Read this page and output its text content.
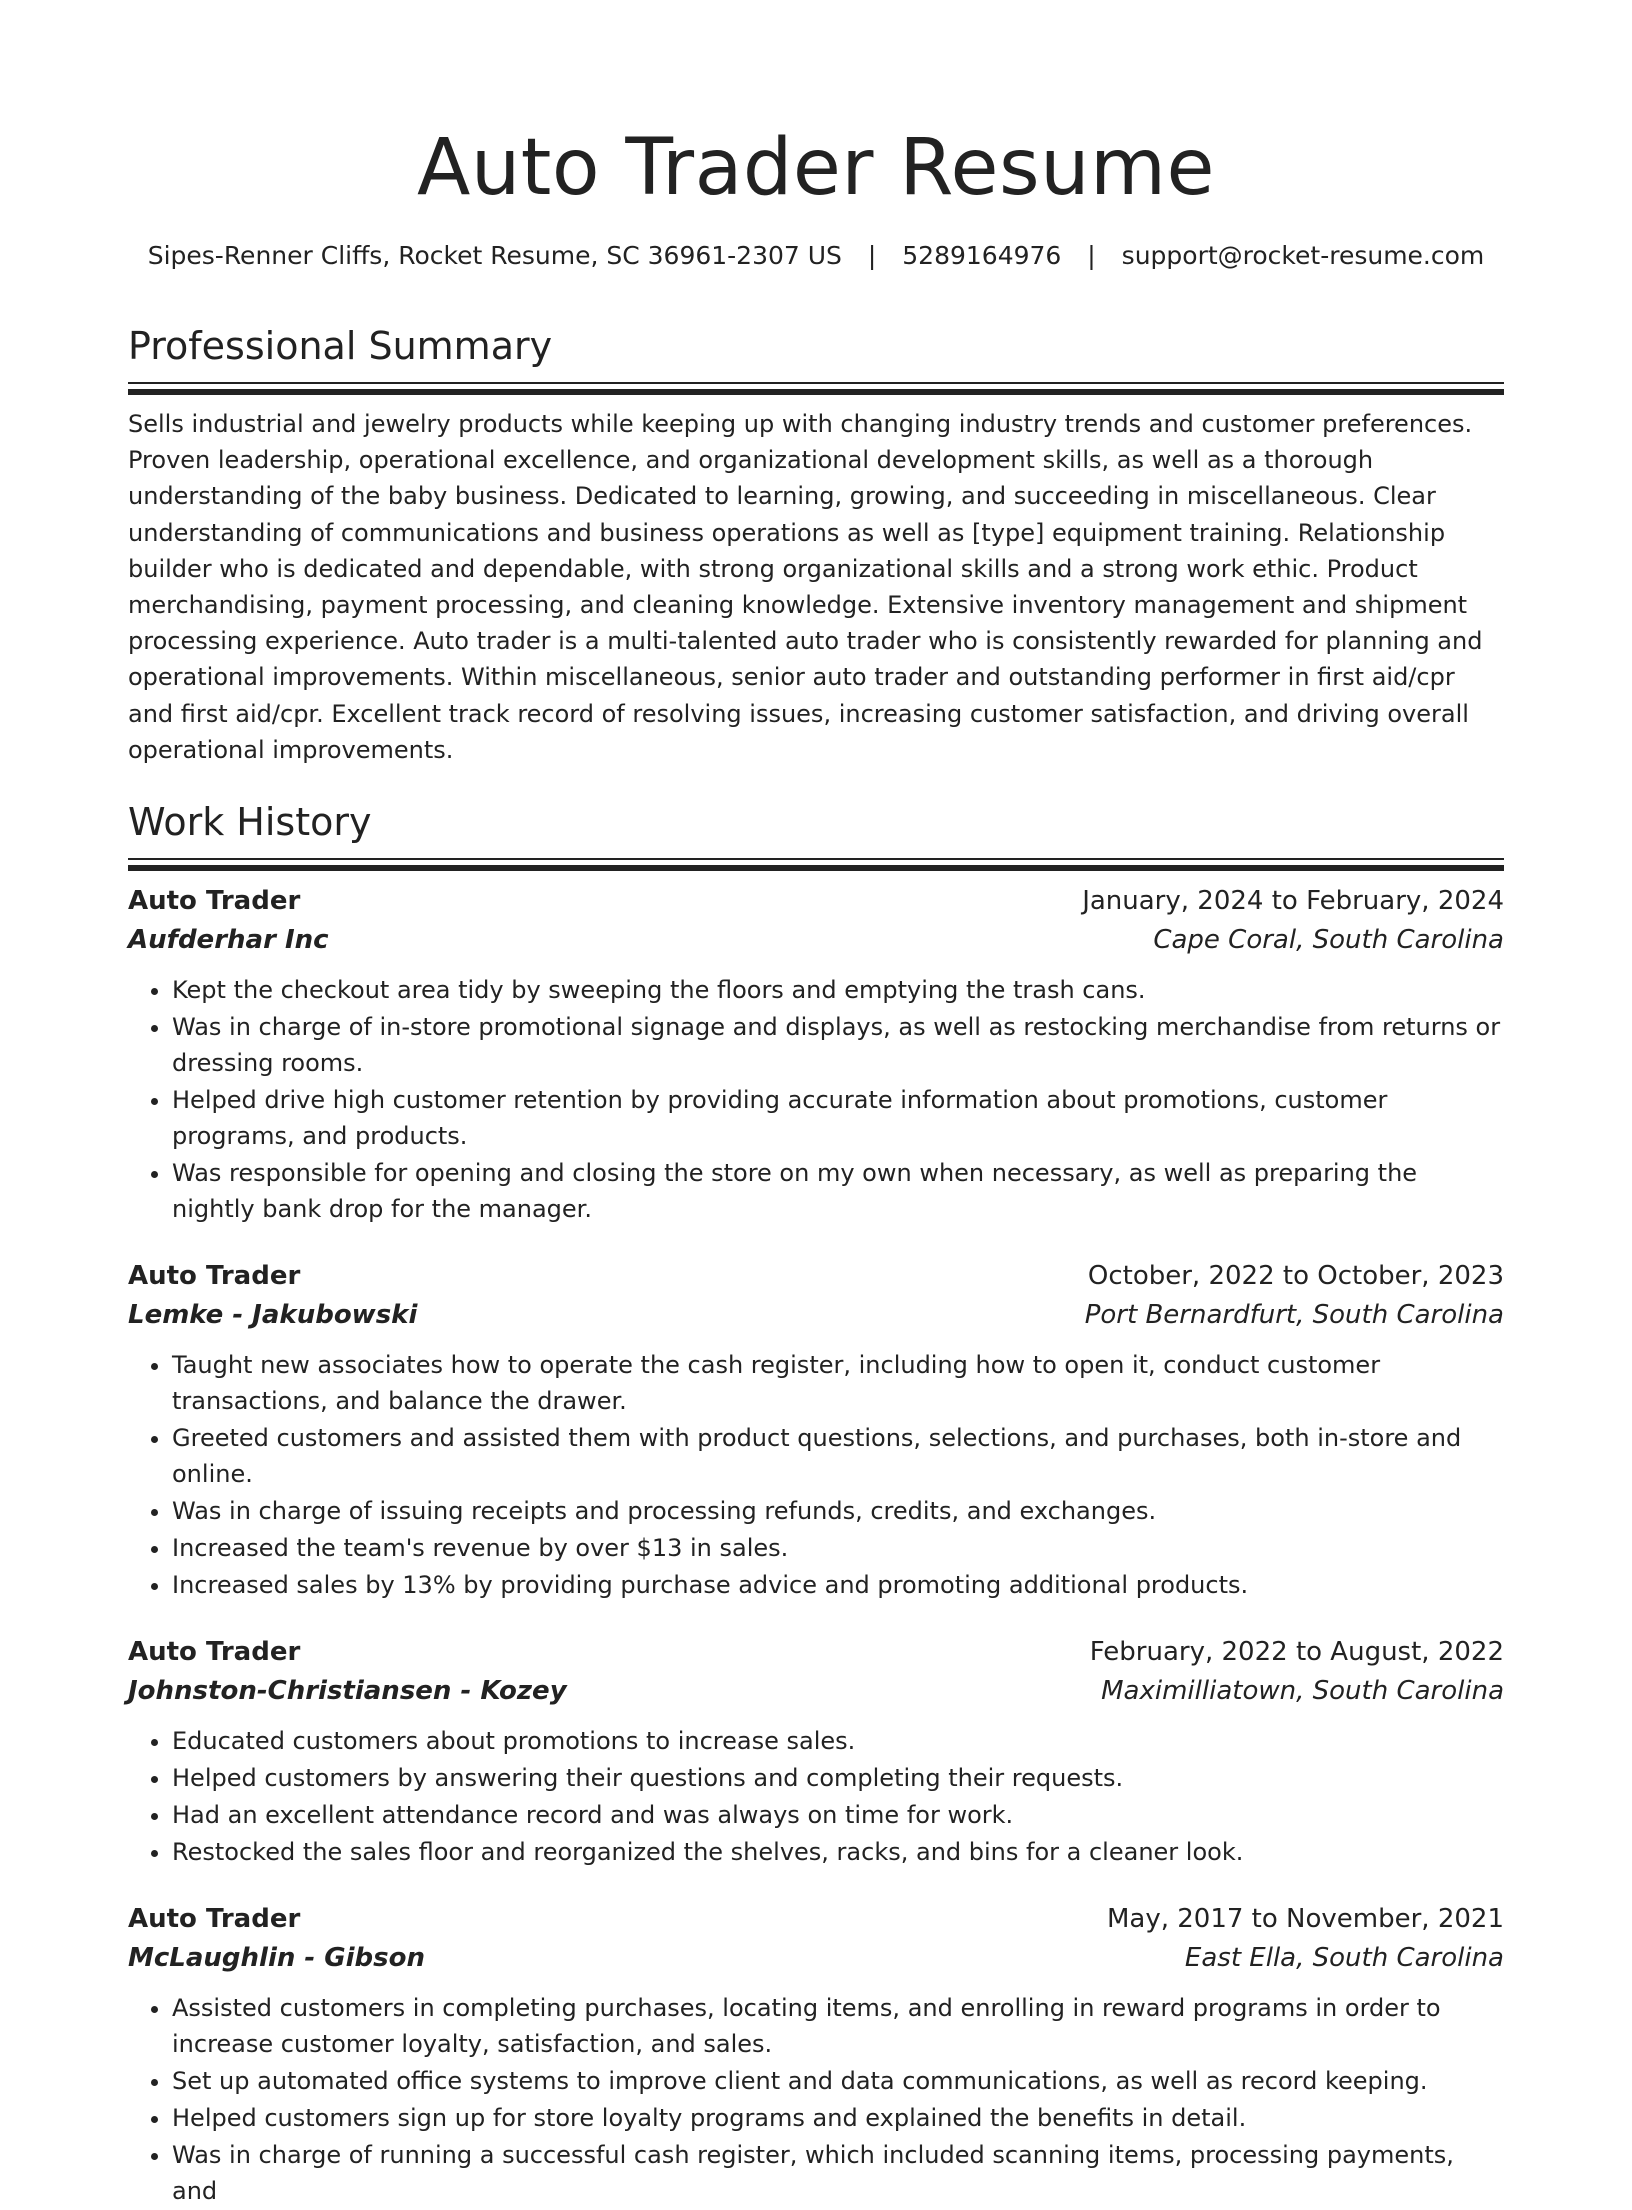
Auto Trader Resume
Sipes-Renner Cliffs, Rocket Resume, SC 36961-2307 US | 5289164976 | support@rocket-resume.com
Professional Summary
Sells industrial and jewelry products while keeping up with changing industry trends and customer preferences. Proven leadership, operational excellence, and organizational development skills, as well as a thorough understanding of the baby business. Dedicated to learning, growing, and succeeding in miscellaneous. Clear understanding of communications and business operations as well as [type] equipment training. Relationship builder who is dedicated and dependable, with strong organizational skills and a strong work ethic. Product merchandising, payment processing, and cleaning knowledge. Extensive inventory management and shipment processing experience. Auto trader is a multi-talented auto trader who is consistently rewarded for planning and operational improvements. Within miscellaneous, senior auto trader and outstanding performer in first aid/cpr and first aid/cpr. Excellent track record of resolving issues, increasing customer satisfaction, and driving overall operational improvements.
Work History
Auto Trader	January, 2024 to February, 2024
Aufderhar Inc	Cape Coral, South Carolina
• Kept the checkout area tidy by sweeping the floors and emptying the trash cans.
• Was in charge of in-store promotional signage and displays, as well as restocking merchandise from returns or dressing rooms.
• Helped drive high customer retention by providing accurate information about promotions, customer programs, and products.
• Was responsible for opening and closing the store on my own when necessary, as well as preparing the nightly bank drop for the manager.
Auto Trader	October, 2022 to October, 2023
Lemke - Jakubowski	Port Bernardfurt, South Carolina
• Taught new associates how to operate the cash register, including how to open it, conduct customer transactions, and balance the drawer.
• Greeted customers and assisted them with product questions, selections, and purchases, both in-store and online.
• Was in charge of issuing receipts and processing refunds, credits, and exchanges.
• Increased the team's revenue by over $13 in sales.
• Increased sales by 13% by providing purchase advice and promoting additional products.
Auto Trader	February, 2022 to August, 2022
Johnston-Christiansen - Kozey	Maximilliatown, South Carolina
• Educated customers about promotions to increase sales.
• Helped customers by answering their questions and completing their requests.
• Had an excellent attendance record and was always on time for work.
• Restocked the sales floor and reorganized the shelves, racks, and bins for a cleaner look.
Auto Trader	May, 2017 to November, 2021
McLaughlin - Gibson	East Ella, South Carolina
• Assisted customers in completing purchases, locating items, and enrolling in reward programs in order to increase customer loyalty, satisfaction, and sales.
• Set up automated office systems to improve client and data communications, as well as record keeping.
• Helped customers sign up for store loyalty programs and explained the benefits in detail.
• Was in charge of running a successful cash register, which included scanning items, processing payments, and
